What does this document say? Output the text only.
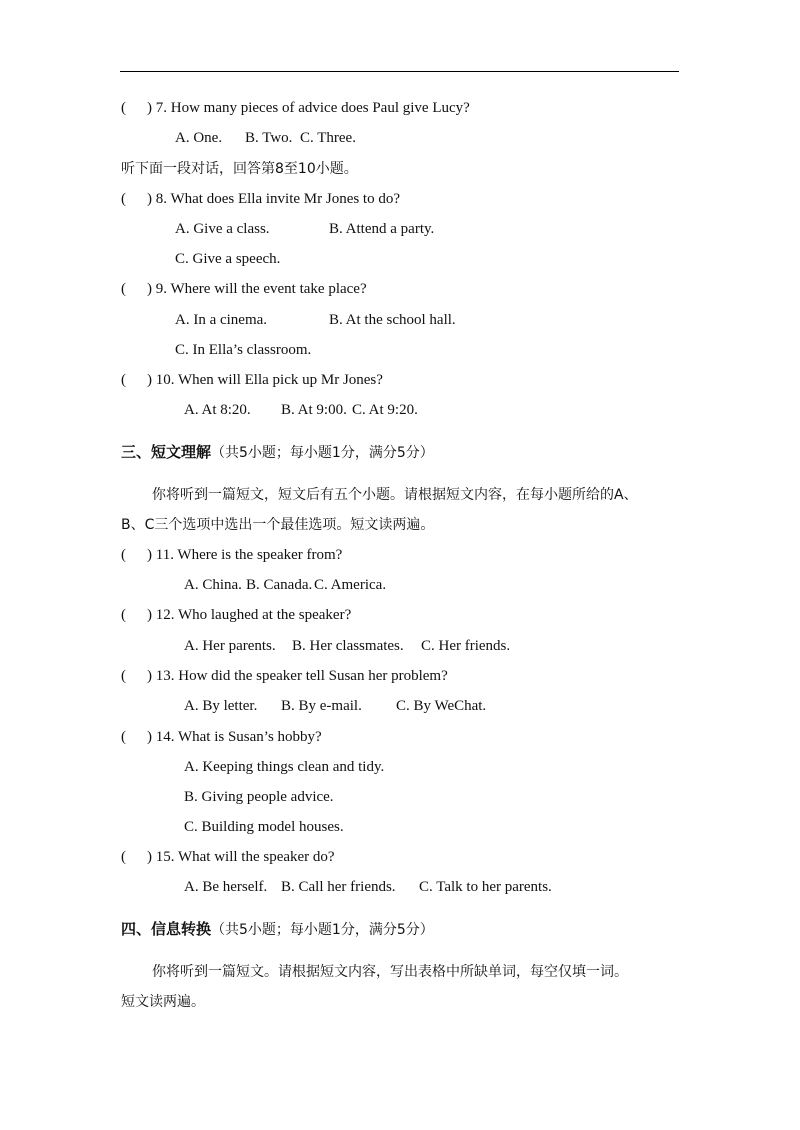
( ) 7. How many pieces of advice does Paul give Lucy?
A. One. B. Two. C. Three.
听下面一段对话，回答第8至10小题。
( ) 8. What does Ella invite Mr Jones to do?
A. Give a class.	B. Attend a party.
C. Give a speech.
( ) 9. Where will the event take place?
A. In a cinema.	B. At the school hall.
C. In Ella’s classroom.
( ) 10. When will Ella pick up Mr Jones?
A. At 8:20. B. At 9:00. C. At 9:20.
三、短文理解（共5小题；每小题1分，满分5分）
你将听到一篇短文，短文后有五个小题。请根据短文内容，在每小题所给的A、
B、C三个选项中选出一个最佳选项。短文读两遍。
( ) 11. Where is the speaker from?
A. China. B. Canada. C. America.
( ) 12. Who laughed at the speaker?
A. Her parents. B. Her classmates. C. Her friends.
( ) 13. How did the speaker tell Susan her problem?
A. By letter. B. By e-mail. C. By WeChat.
( ) 14. What is Susan’s hobby?
A. Keeping things clean and tidy.
B. Giving people advice.
C. Building model houses.
( ) 15. What will the speaker do?
A. Be herself. B. Call her friends. C. Talk to her parents.
四、信息转换（共5小题；每小题1分，满分5分）
你将听到一篇短文。请根据短文内容，写出表格中所缺单词，每空仅填一词。
短文读两遍。
